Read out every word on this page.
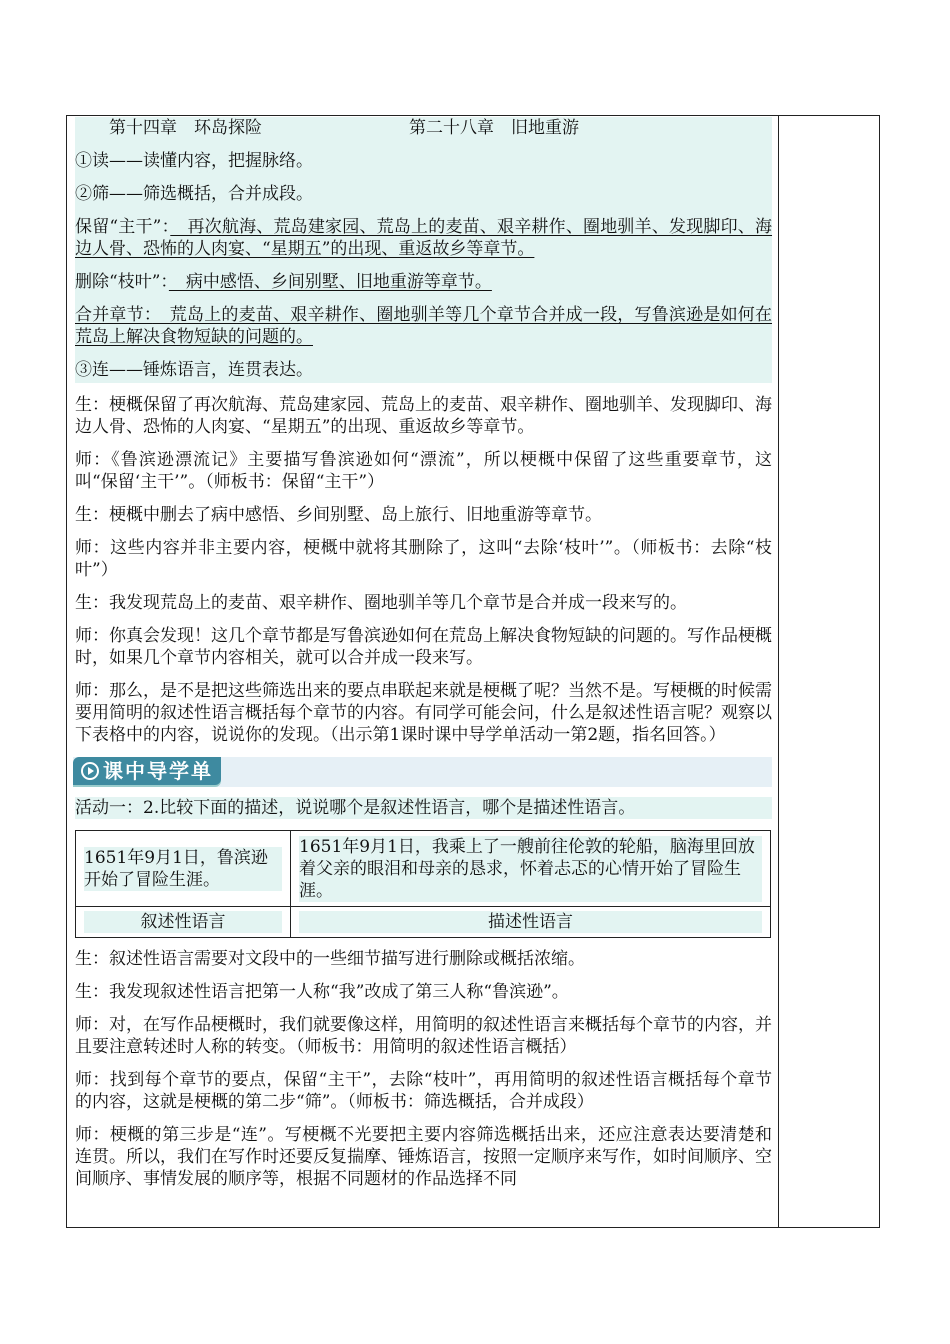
第十四章　环岛探险	第二十八章　旧地重游

①读——读懂内容，把握脉络。

②筛——筛选概括，合并成段。

保留“主干”：　再次航海、荒岛建家园、荒岛上的麦苗、艰辛耕作、圈地驯羊、发现脚印、海边人骨、恐怖的人肉宴、“星期五”的出现、重返故乡等章节。

删除“枝叶”：　病中感悟、乡间别墅、旧地重游等章节。

合并章节：　荒岛上的麦苗、艰辛耕作、圈地驯羊等几个章节合并成一段，写鲁滨逊是如何在荒岛上解决食物短缺的问题的。

③连——锤炼语言，连贯表达。

生：梗概保留了再次航海、荒岛建家园、荒岛上的麦苗、艰辛耕作、圈地驯羊、发现脚印、海边人骨、恐怖的人肉宴、“星期五”的出现、重返故乡等章节。

师：《鲁滨逊漂流记》主要描写鲁滨逊如何“漂流”，所以梗概中保留了这些重要章节，这叫“保留‘主干’”。（师板书：保留“主干”）

生：梗概中删去了病中感悟、乡间别墅、岛上旅行、旧地重游等章节。

师：这些内容并非主要内容，梗概中就将其删除了，这叫“去除‘枝叶’”。（师板书：去除“枝叶”）

生：我发现荒岛上的麦苗、艰辛耕作、圈地驯羊等几个章节是合并成一段来写的。

师：你真会发现！这几个章节都是写鲁滨逊如何在荒岛上解决食物短缺的问题的。写作品梗概时，如果几个章节内容相关，就可以合并成一段来写。

师：那么，是不是把这些筛选出来的要点串联起来就是梗概了呢？当然不是。写梗概的时候需要用简明的叙述性语言概括每个章节的内容。有同学可能会问，什么是叙述性语言呢？观察以下表格中的内容，说说你的发现。（出示第1课时课中导学单活动一第2题，指名回答。）

课中导学单

活动一：2.比较下面的描述，说说哪个是叙述性语言，哪个是描述性语言。

1651年9月1日，鲁滨逊开始了冒险生涯。	1651年9月1日，我乘上了一艘前往伦敦的轮船，脑海里回放着父亲的眼泪和母亲的恳求，怀着忐忑的心情开始了冒险生涯。

叙述性语言	描述性语言

生：叙述性语言需要对文段中的一些细节描写进行删除或概括浓缩。

生：我发现叙述性语言把第一人称“我”改成了第三人称“鲁滨逊”。

师：对，在写作品梗概时，我们就要像这样，用简明的叙述性语言来概括每个章节的内容，并且要注意转述时人称的转变。（师板书：用简明的叙述性语言概括）

师：找到每个章节的要点，保留“主干”，去除“枝叶”，再用简明的叙述性语言概括每个章节的内容，这就是梗概的第二步“筛”。（师板书：筛选概括，合并成段）

师：梗概的第三步是“连”。写梗概不光要把主要内容筛选概括出来，还应注意表达要清楚和连贯。所以，我们在写作时还要反复揣摩、锤炼语言，按照一定顺序来写作，如时间顺序、空间顺序、事情发展的顺序等，根据不同题材的作品选择不同
